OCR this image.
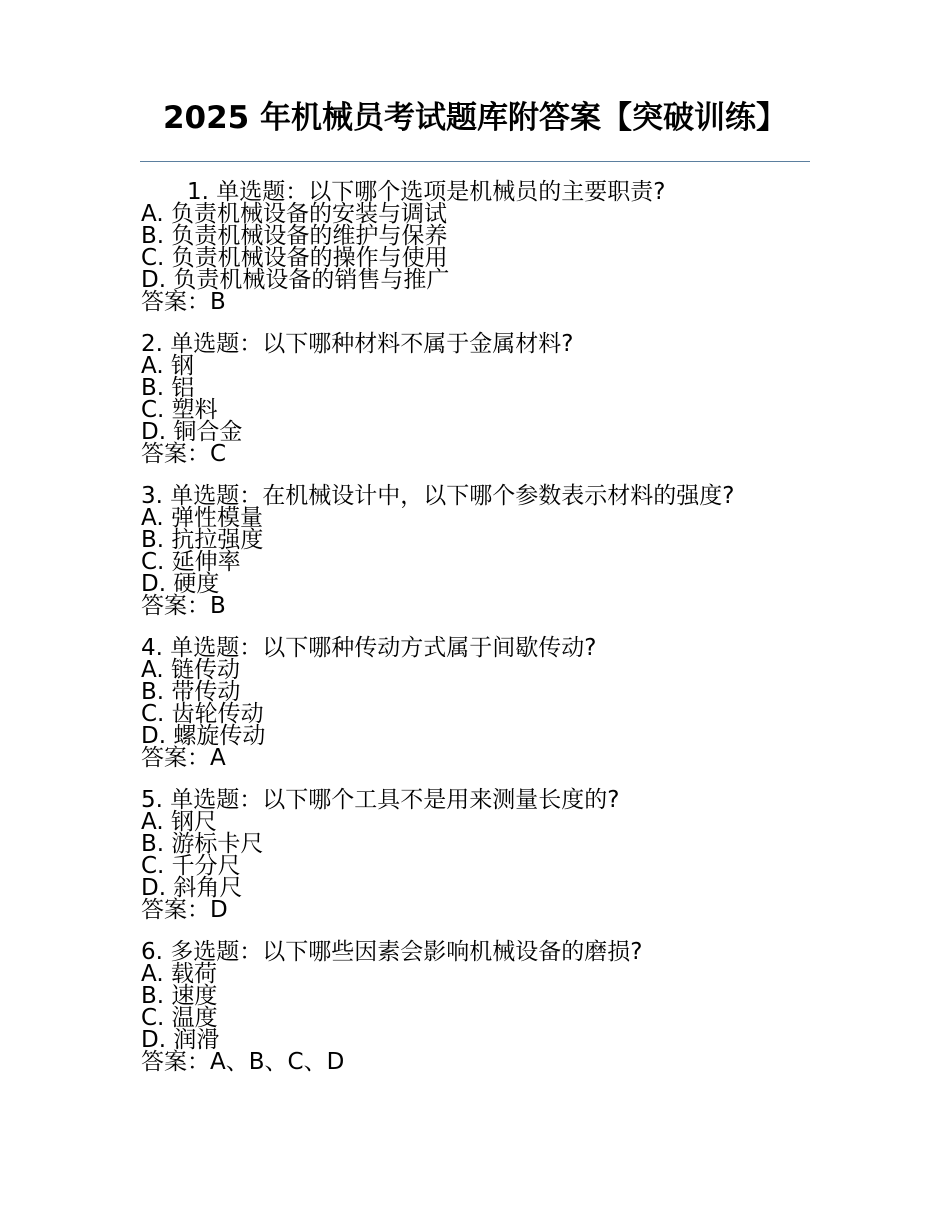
2025 年机械员考试题库附答案【突破训练】
1. 单选题：以下哪个选项是机械员的主要职责?
A. 负责机械设备的安装与调试
B. 负责机械设备的维护与保养
C. 负责机械设备的操作与使用
D. 负责机械设备的销售与推广
答案：B
2. 单选题：以下哪种材料不属于金属材料?
A. 钢
B. 铝
C. 塑料
D. 铜合金
答案：C
3. 单选题：在机械设计中，以下哪个参数表示材料的强度?
A. 弹性模量
B. 抗拉强度
C. 延伸率
D. 硬度
答案：B
4. 单选题：以下哪种传动方式属于间歇传动?
A. 链传动
B. 带传动
C. 齿轮传动
D. 螺旋传动
答案：A
5. 单选题：以下哪个工具不是用来测量长度的?
A. 钢尺
B. 游标卡尺
C. 千分尺
D. 斜角尺
答案：D
6. 多选题：以下哪些因素会影响机械设备的磨损?
A. 载荷
B. 速度
C. 温度
D. 润滑
答案：A、B、C、D
